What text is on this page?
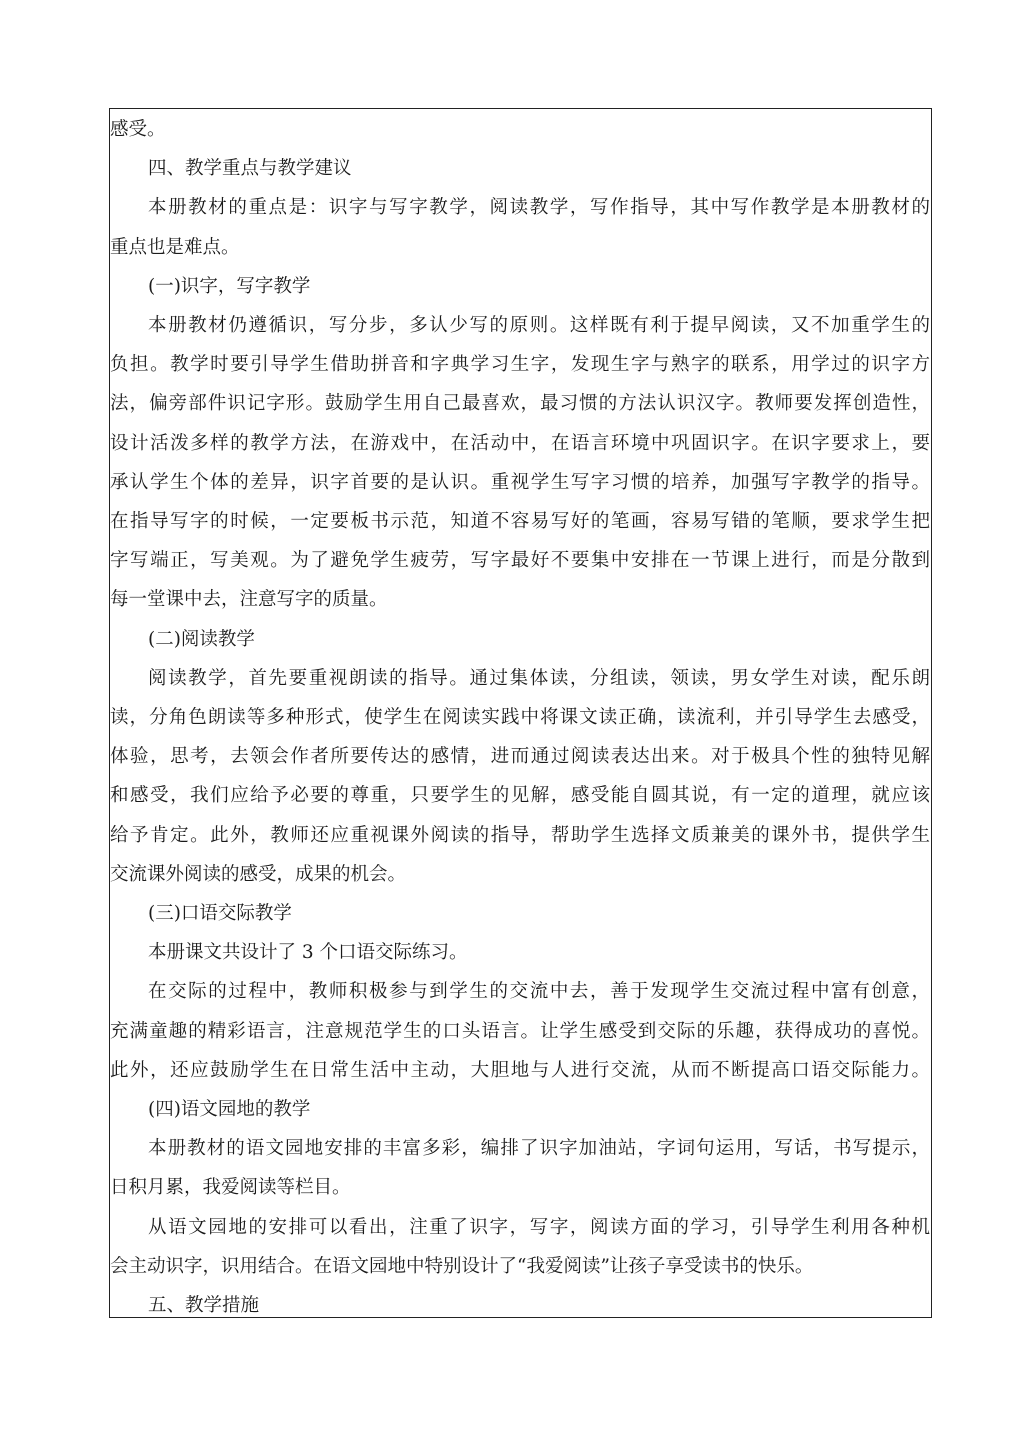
感受。
四、教学重点与教学建议
本册教材的重点是：识字与写字教学，阅读教学，写作指导，其中写作教学是本册教材的
重点也是难点。
(一)识字，写字教学
本册教材仍遵循识，写分步，多认少写的原则。这样既有利于提早阅读，又不加重学生的
负担。教学时要引导学生借助拼音和字典学习生字，发现生字与熟字的联系，用学过的识字方
法，偏旁部件识记字形。鼓励学生用自己最喜欢，最习惯的方法认识汉字。教师要发挥创造性，
设计活泼多样的教学方法，在游戏中，在活动中，在语言环境中巩固识字。在识字要求上，要
承认学生个体的差异，识字首要的是认识。重视学生写字习惯的培养，加强写字教学的指导。
在指导写字的时候，一定要板书示范，知道不容易写好的笔画，容易写错的笔顺，要求学生把
字写端正，写美观。为了避免学生疲劳，写字最好不要集中安排在一节课上进行，而是分散到
每一堂课中去，注意写字的质量。
(二)阅读教学
阅读教学，首先要重视朗读的指导。通过集体读，分组读，领读，男女学生对读，配乐朗
读，分角色朗读等多种形式，使学生在阅读实践中将课文读正确，读流利，并引导学生去感受，
体验，思考，去领会作者所要传达的感情，进而通过阅读表达出来。对于极具个性的独特见解
和感受，我们应给予必要的尊重，只要学生的见解，感受能自圆其说，有一定的道理，就应该
给予肯定。此外，教师还应重视课外阅读的指导，帮助学生选择文质兼美的课外书，提供学生
交流课外阅读的感受，成果的机会。
(三)口语交际教学
本册课文共设计了 3 个口语交际练习。
在交际的过程中，教师积极参与到学生的交流中去，善于发现学生交流过程中富有创意，
充满童趣的精彩语言，注意规范学生的口头语言。让学生感受到交际的乐趣，获得成功的喜悦。
此外，还应鼓励学生在日常生活中主动，大胆地与人进行交流，从而不断提高口语交际能力。
(四)语文园地的教学
本册教材的语文园地安排的丰富多彩，编排了识字加油站，字词句运用，写话，书写提示，
日积月累，我爱阅读等栏目。
从语文园地的安排可以看出，注重了识字，写字，阅读方面的学习，引导学生利用各种机
会主动识字，识用结合。在语文园地中特别设计了“我爱阅读”让孩子享受读书的快乐。
五、教学措施
